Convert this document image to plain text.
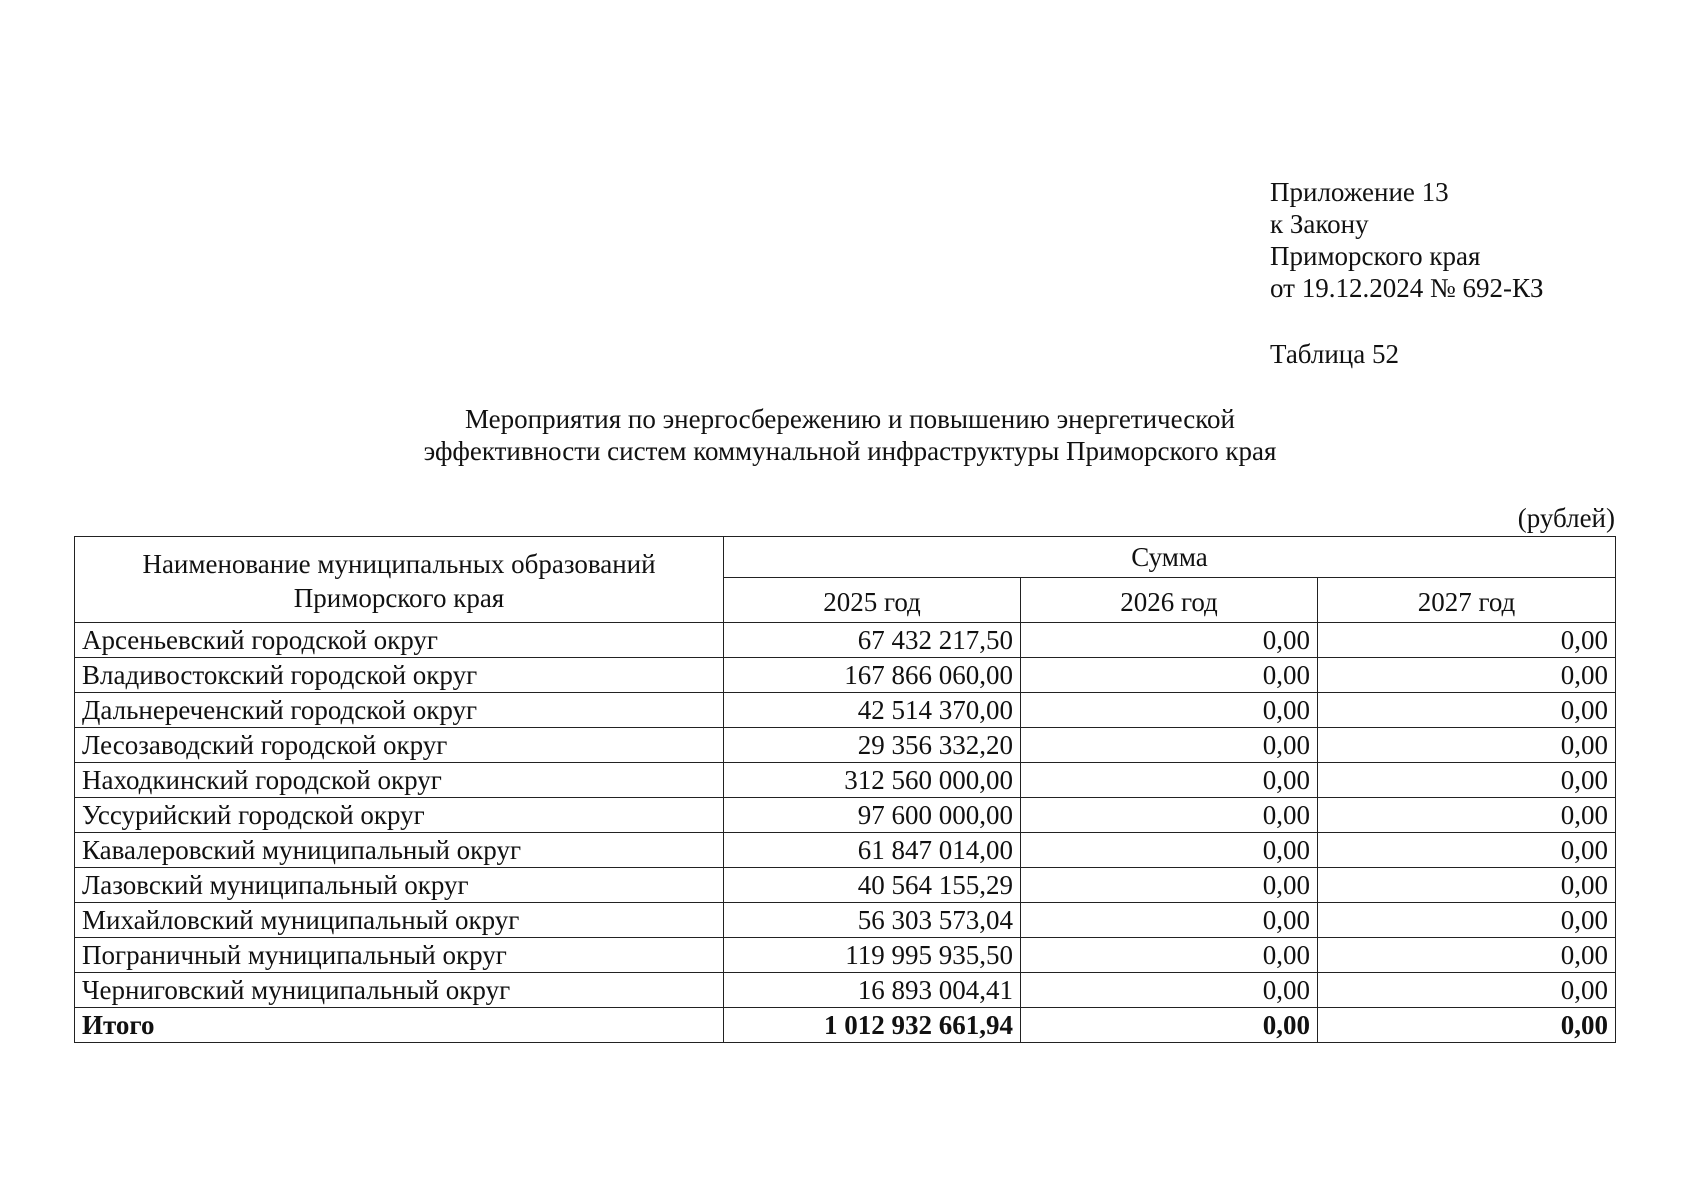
Приложение 13
к Закону
Приморского края
от 19.12.2024 № 692-КЗ
Таблица 52
Мероприятия по энергосбережению и повышению энергетической
эффективности систем коммунальной инфраструктуры Приморского края
(рублей)
Наименование муниципальных образований
Приморского края	Сумма		
	2025 год	2026 год	2027 год
Арсеньевский городской округ	67 432 217,50	0,00	0,00
Владивостокский городской округ	167 866 060,00	0,00	0,00
Дальнереченский городской округ	42 514 370,00	0,00	0,00
Лесозаводский городской округ	29 356 332,20	0,00	0,00
Находкинский городской округ	312 560 000,00	0,00	0,00
Уссурийский городской округ	97 600 000,00	0,00	0,00
Кавалеровский муниципальный округ	61 847 014,00	0,00	0,00
Лазовский муниципальный округ	40 564 155,29	0,00	0,00
Михайловский муниципальный округ	56 303 573,04	0,00	0,00
Пограничный муниципальный округ	119 995 935,50	0,00	0,00
Черниговский муниципальный округ	16 893 004,41	0,00	0,00
Итого	1 012 932 661,94	0,00	0,00
